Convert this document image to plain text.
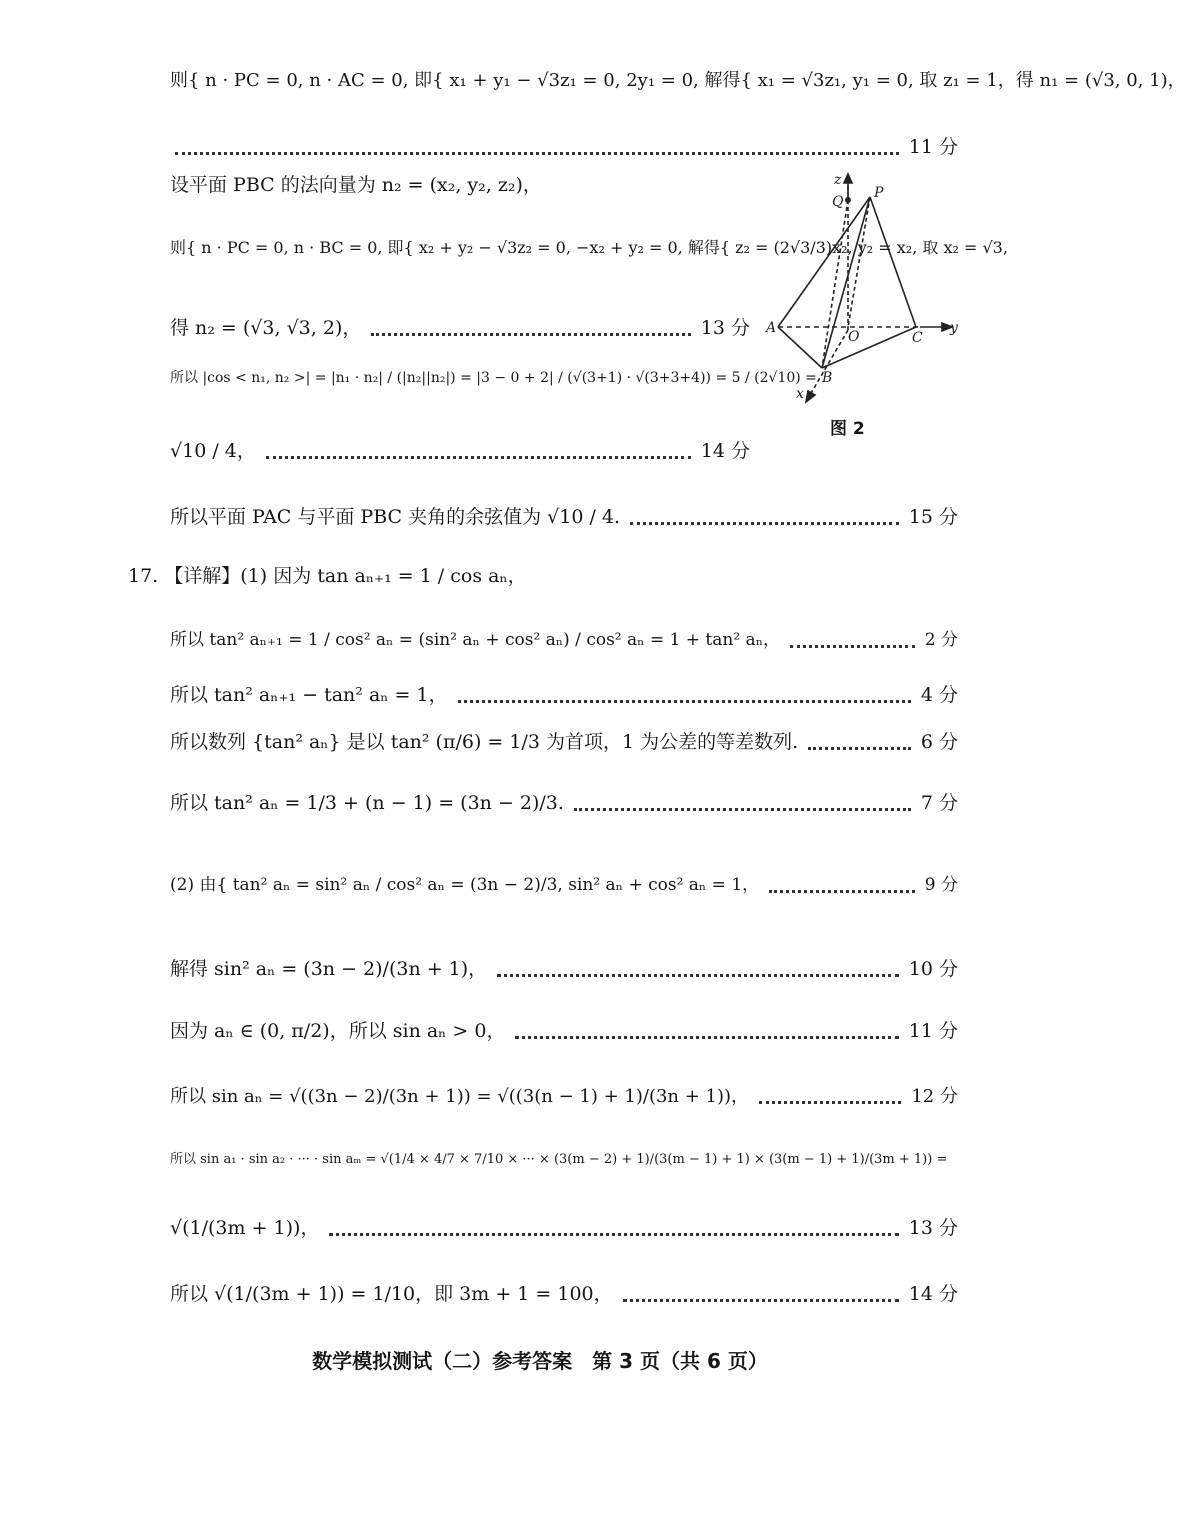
则{ n · PC = 0, n · AC = 0, 即{ x₁ + y₁ − √3z₁ = 0, 2y₁ = 0, 解得{ x₁ = √3z₁, y₁ = 0, 取 z₁ = 1，得 n₁ = (√3, 0, 1)，
11 分
设平面 PBC 的法向量为 n₂ = (x₂, y₂, z₂)，
则{ n · PC = 0, n · BC = 0, 即{ x₂ + y₂ − √3z₂ = 0, −x₂ + y₂ = 0, 解得{ z₂ = (2√3/3)x₂, y₂ = x₂, 取 x₂ = √3,
得 n₂ = (√3, √3, 2)，	13 分
所以 |cos < n₁, n₂ >| = |n₁ · n₂| / (|n₂||n₂|) = |3 − 0 + 2| / (√(3+1) · √(3+3+4)) = 5 / (2√10) =
√10 / 4，	14 分
所以平面 PAC 与平面 PBC 夹角的余弦值为 √10 / 4.	15 分
17. 【详解】(1) 因为 tan aₙ₊₁ = 1 / cos aₙ，
所以 tan² aₙ₊₁ = 1 / cos² aₙ = (sin² aₙ + cos² aₙ) / cos² aₙ = 1 + tan² aₙ，	2 分
所以 tan² aₙ₊₁ − tan² aₙ = 1，	4 分
所以数列 {tan² aₙ} 是以 tan² (π/6) = 1/3 为首项，1 为公差的等差数列.	6 分
所以 tan² aₙ = 1/3 + (n − 1) = (3n − 2)/3.	7 分
(2) 由{ tan² aₙ = sin² aₙ / cos² aₙ = (3n − 2)/3, sin² aₙ + cos² aₙ = 1，	9 分
解得 sin² aₙ = (3n − 2)/(3n + 1)，	10 分
因为 aₙ ∈ (0, π/2)，所以 sin aₙ > 0，	11 分
所以 sin aₙ = √((3n − 2)/(3n + 1)) = √((3(n − 1) + 1)/(3n + 1))，	12 分
所以 sin a₁ · sin a₂ · ··· · sin aₘ = √(1/4 × 4/7 × 7/10 × ··· × (3(m − 2) + 1)/(3(m − 1) + 1) × (3(m − 1) + 1)/(3m + 1)) =
√(1/(3m + 1))，	13 分
所以 √(1/(3m + 1)) = 1/10，即 3m + 1 = 100，	14 分
Q
P
A
O	C
B
x
y
z
图 2
数学模拟测试（二）参考答案　第 3 页（共 6 页）
